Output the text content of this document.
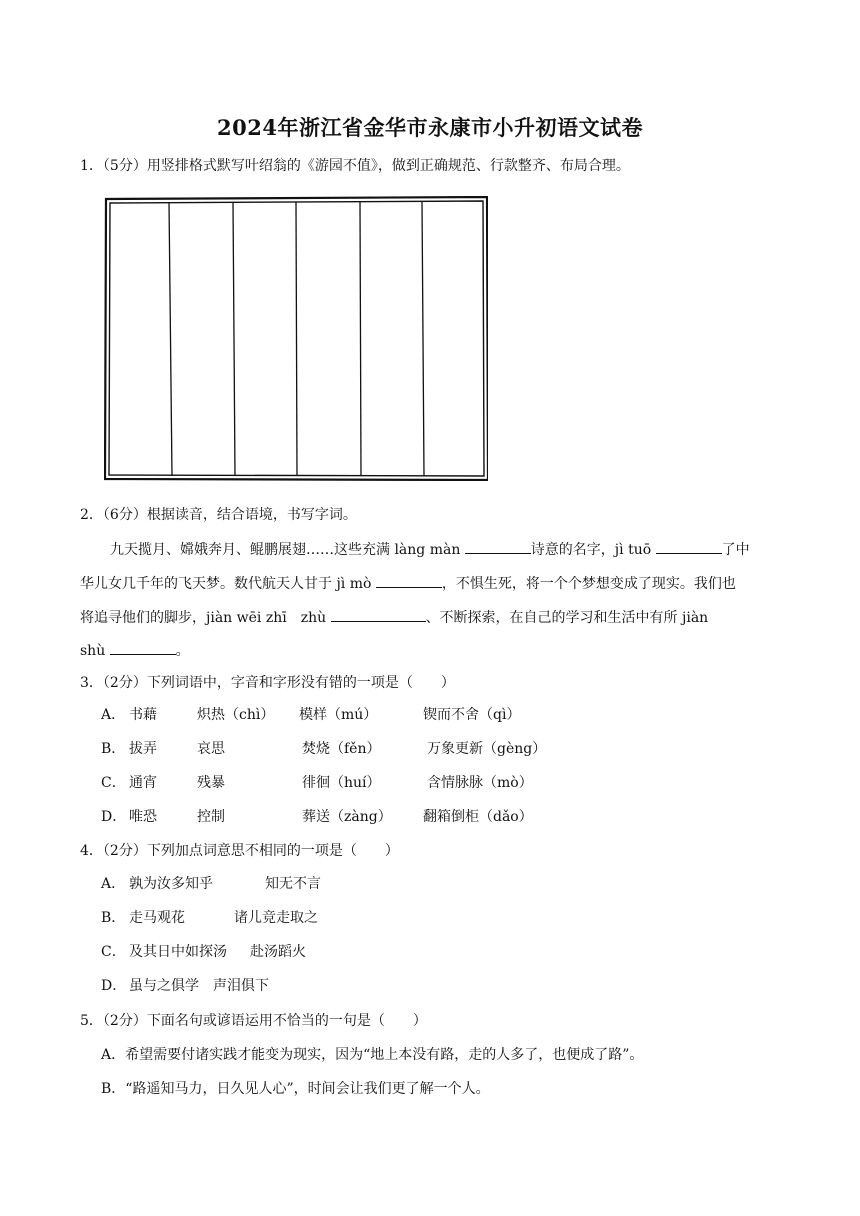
2024年浙江省金华市永康市小升初语文试卷
1．（5分）用竖排格式默写叶绍翁的《游园不值》，做到正确规范、行款整齐、布局合理。
2．（6分）根据读音，结合语境，书写字词。
九天揽月、嫦娥奔月、鲲鹏展翅……这些充满 làng màn	诗意的名字，jì tuō	了中
华儿女几千年的飞天梦。数代航天人甘于 jì mò	，不惧生死，将一个个梦想变成了现实。我们也
将追寻他们的脚步，jiàn wēi zhī　zhù	、不断探索，在自己的学习和生活中有所 jiàn
shù	。
3．（2分）下列词语中，字音和字形没有错的一项是（　　）
A． 书藉	炽热（chì） 模样（mú）	锲而不舍（qì）
B． 拔弄	哀思	焚烧（fěn）	万象更新（gèng）
C． 通宵	残暴	徘徊（huí）	含情脉脉（mò）
D． 唯恐	控制	葬送（zàng） 翻箱倒柜（dǎo）
4．（2分）下列加点词意思不相同的一项是（　　）
A． 孰为汝多知乎	知无不言
B． 走马观花	诸儿竞走取之
C． 及其日中如探汤 赴汤蹈火
D． 虽与之俱学 声泪俱下
5．（2分）下面名句或谚语运用不恰当的一句是（　　）
A．希望需要付诸实践才能变为现实，因为“地上本没有路，走的人多了，也便成了路”。
B．“路遥知马力，日久见人心”，时间会让我们更了解一个人。
